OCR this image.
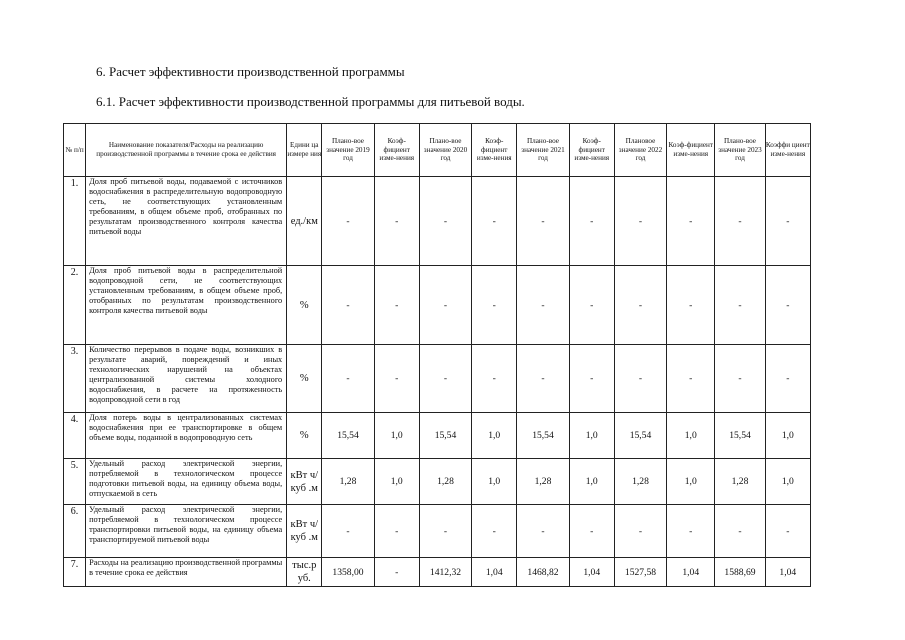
6. Расчет эффективности производственной программы
6.1. Расчет эффективности производственной программы для питьевой воды.
№ п/п	Наименование показателя/Расходы на реализацию производственной программы в течение срока ее действия	Едини ца измере ния	Плано-вое значение 2019 год	Коэф-фициент изме-нения	Плано-вое значение 2020 год	Коэф-фициент изме-нения	Плано-вое значение 2021 год	Коэф-фициент изме-нения	Плановое значение 2022 год	Коэф-фициент изме-нения	Плано-вое значение 2023 год	Коэффи циент изме-нения
1.	Доля проб питьевой воды, подаваемой с источников водоснабжения в распределительную водопроводную сеть, не соответствующих установленным требованиям, в общем объеме проб, отобранных по результатам производственного контроля качества питьевой воды	ед./км	-	-	-	-	-	-	-	-	-	-
2.	Доля проб питьевой воды в распределительной водопроводной сети, не соответствующих установленным требованиям, в общем объеме проб, отобранных по результатам производственного контроля качества питьевой воды	%	-	-	-	-	-	-	-	-	-	-
3.	Количество перерывов в подаче воды, возникших в результате аварий, повреждений и иных технологических нарушений на объектах централизованной системы холодного водоснабжения, в расчете на протяженность водопроводной сети в год	%	-	-	-	-	-	-	-	-	-	-
4.	Доля потерь воды в централизованных системах водоснабжения при ее транспортировке в общем объеме воды, поданной в водопроводную сеть	%	15,54	1,0	15,54	1,0	15,54	1,0	15,54	1,0	15,54	1,0
5.	Удельный расход электрической энергии, потребляемой в технологическом процессе подготовки питьевой воды, на единицу объема воды, отпускаемой в сеть	кВт ч/куб .м	1,28	1,0	1,28	1,0	1,28	1,0	1,28	1,0	1,28	1,0
6.	Удельный расход электрической энергии, потребляемой в технологическом процессе транспортировки питьевой воды, на единицу объема транспортируемой питьевой воды	кВт ч/куб .м	-	-	-	-	-	-	-	-	-	-
7.	Расходы на реализацию производственной программы в течение срока ее действия	тыс.р уб.	1358,00	-	1412,32	1,04	1468,82	1,04	1527,58	1,04	1588,69	1,04
